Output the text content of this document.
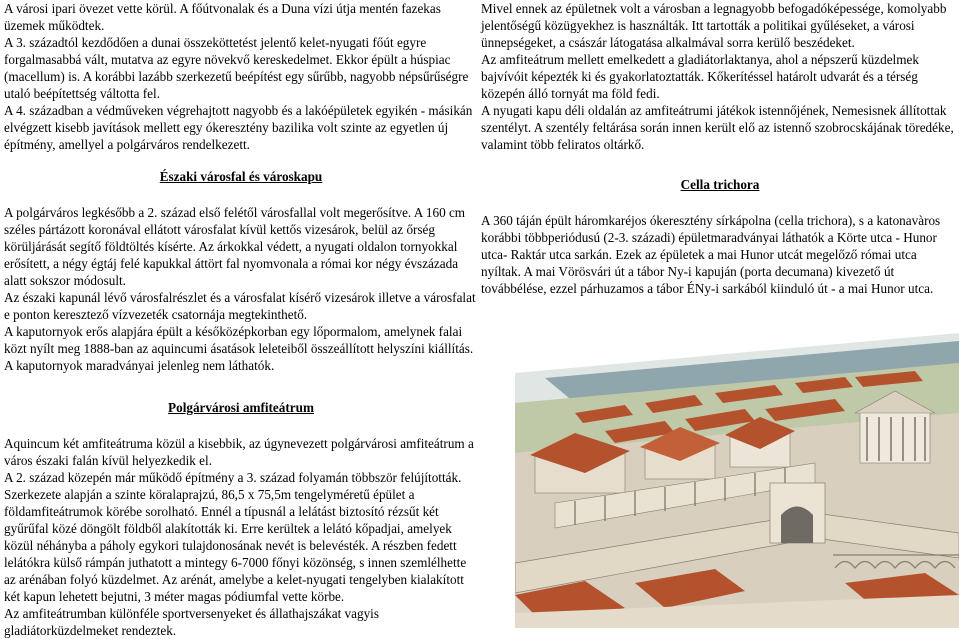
A városi ipari övezet vette körül. A főútvonalak és a Duna vízi útja mentén fazekas üzemek működtek.

A 3. századtól kezdődően a dunai összeköttetést jelentő kelet-nyugati főút egyre forgalmasabbá vált, mutatva az egyre növekvő kereskedelmet. Ekkor épült a húspiac (macellum) is. A korábbi lazább szerkezetű beépítést egy sűrűbb, nagyobb népsűrűségre utaló beépítettség váltotta fel.

A 4. században a védműveken végrehajtott nagyobb és a lakóépületek egyikén - másikán elvégzett kisebb javítások mellett egy ókeresztény bazilika volt szinte az egyetlen új építmény, amellyel a polgárváros rendelkezett.

Északi városfal és városkapu

A polgárváros legkésőbb a 2. század első felétől városfallal volt megerősítve. A 160 cm széles pártázott koronával ellátott városfalat kívül kettős vizesárok, belül az őrség körüljárását segítő földtöltés kísérte. Az árkokkal védett, a nyugati oldalon tornyokkal erősített, a négy égtáj felé kapukkal áttört fal nyomvonala a római kor négy évszázada alatt sokszor módosult.

Az északi kapunál lévő városfalrészlet és a városfalat kísérő vizesárok illetve a városfalat e ponton keresztező vízvezeték csatornája megtekinthető.

A kaputornyok erős alapjára épült a későközépkorban egy lőpormalom, amelynek falai közt nyílt meg 1888-ban az aquincumi ásatások leleteiből összeállított helyszíni kiállítás. A kaputornyok maradványai jelenleg nem láthatók.

Polgárvárosi amfiteátrum

Aquincum két amfiteátruma közül a kisebbik, az úgynevezett polgárvárosi amfiteátrum a város északi falán kívül helyezkedik el.

A 2. század közepén már működő építmény a 3. század folyamán többször felújították. Szerkezete alapján a szinte köralaprajzú, 86,5 x 75,5m tengelyméretű épület a földamfiteátrumok körébe sorolható. Ennél a típusnál a lelátást biztosító rézsűt két gyűrűfal közé döngölt földből alakították ki. Erre kerültek a lelátó kőpadjai, amelyek közül néhányba a páholy egykori tulajdonosának nevét is belevésték. A részben fedett lelátókra külső rámpán juthatott a mintegy 6-7000 főnyi közönség, s innen szemlélhette az arénában folyó küzdelmet. Az arénát, amelybe a kelet-nyugati tengelyben kialakított két kapun lehetett bejutni, 3 méter magas pódiumfal vette körbe.

Az amfiteátrumban különféle sportversenyeket és állathajszákat vagyis gladiátorküzdelmeket rendeztek.

Mivel ennek az épületnek volt a városban a legnagyobb befogadóképessége, komolyabb jelentőségű közügyekhez is használták. Itt tartották a politikai gyűléseket, a városi ünnepségeket, a császár látogatása alkalmával sorra kerülő beszédeket.

Az amfiteátrum mellett emelkedett a gladiátorlaktanya, ahol a népszerű küzdelmek bajvívóit képezték ki és gyakorlatoztatták. Kőkerítéssel határolt udvarát és a térség közepén álló tornyát ma föld fedi.

A nyugati kapu déli oldalán az amfiteátrumi játékok istennőjének, Nemesisnek állítottak szentélyt. A szentély feltárása során innen került elő az istennő szobrocskájának töredéke, valamint több feliratos oltárkő.

Cella trichora

A 360 táján épült háromkaréjos ókeresztény sírkápolna (cella trichora), s a katonavàros korábbi többperiódusú (2-3. századi) épületmaradványai láthatók a Körte utca - Hunor utca- Raktár utca sarkán. Ezek az épületek a mai Hunor utcát megelőző római utca nyíltak. A mai Vörösvári út a tábor Ny-i kapuján (porta decumana) kivezető út továbbélése, ezzel párhuzamos a tábor ÉNy-i sarkából kiinduló út - a mai Hunor utca.
